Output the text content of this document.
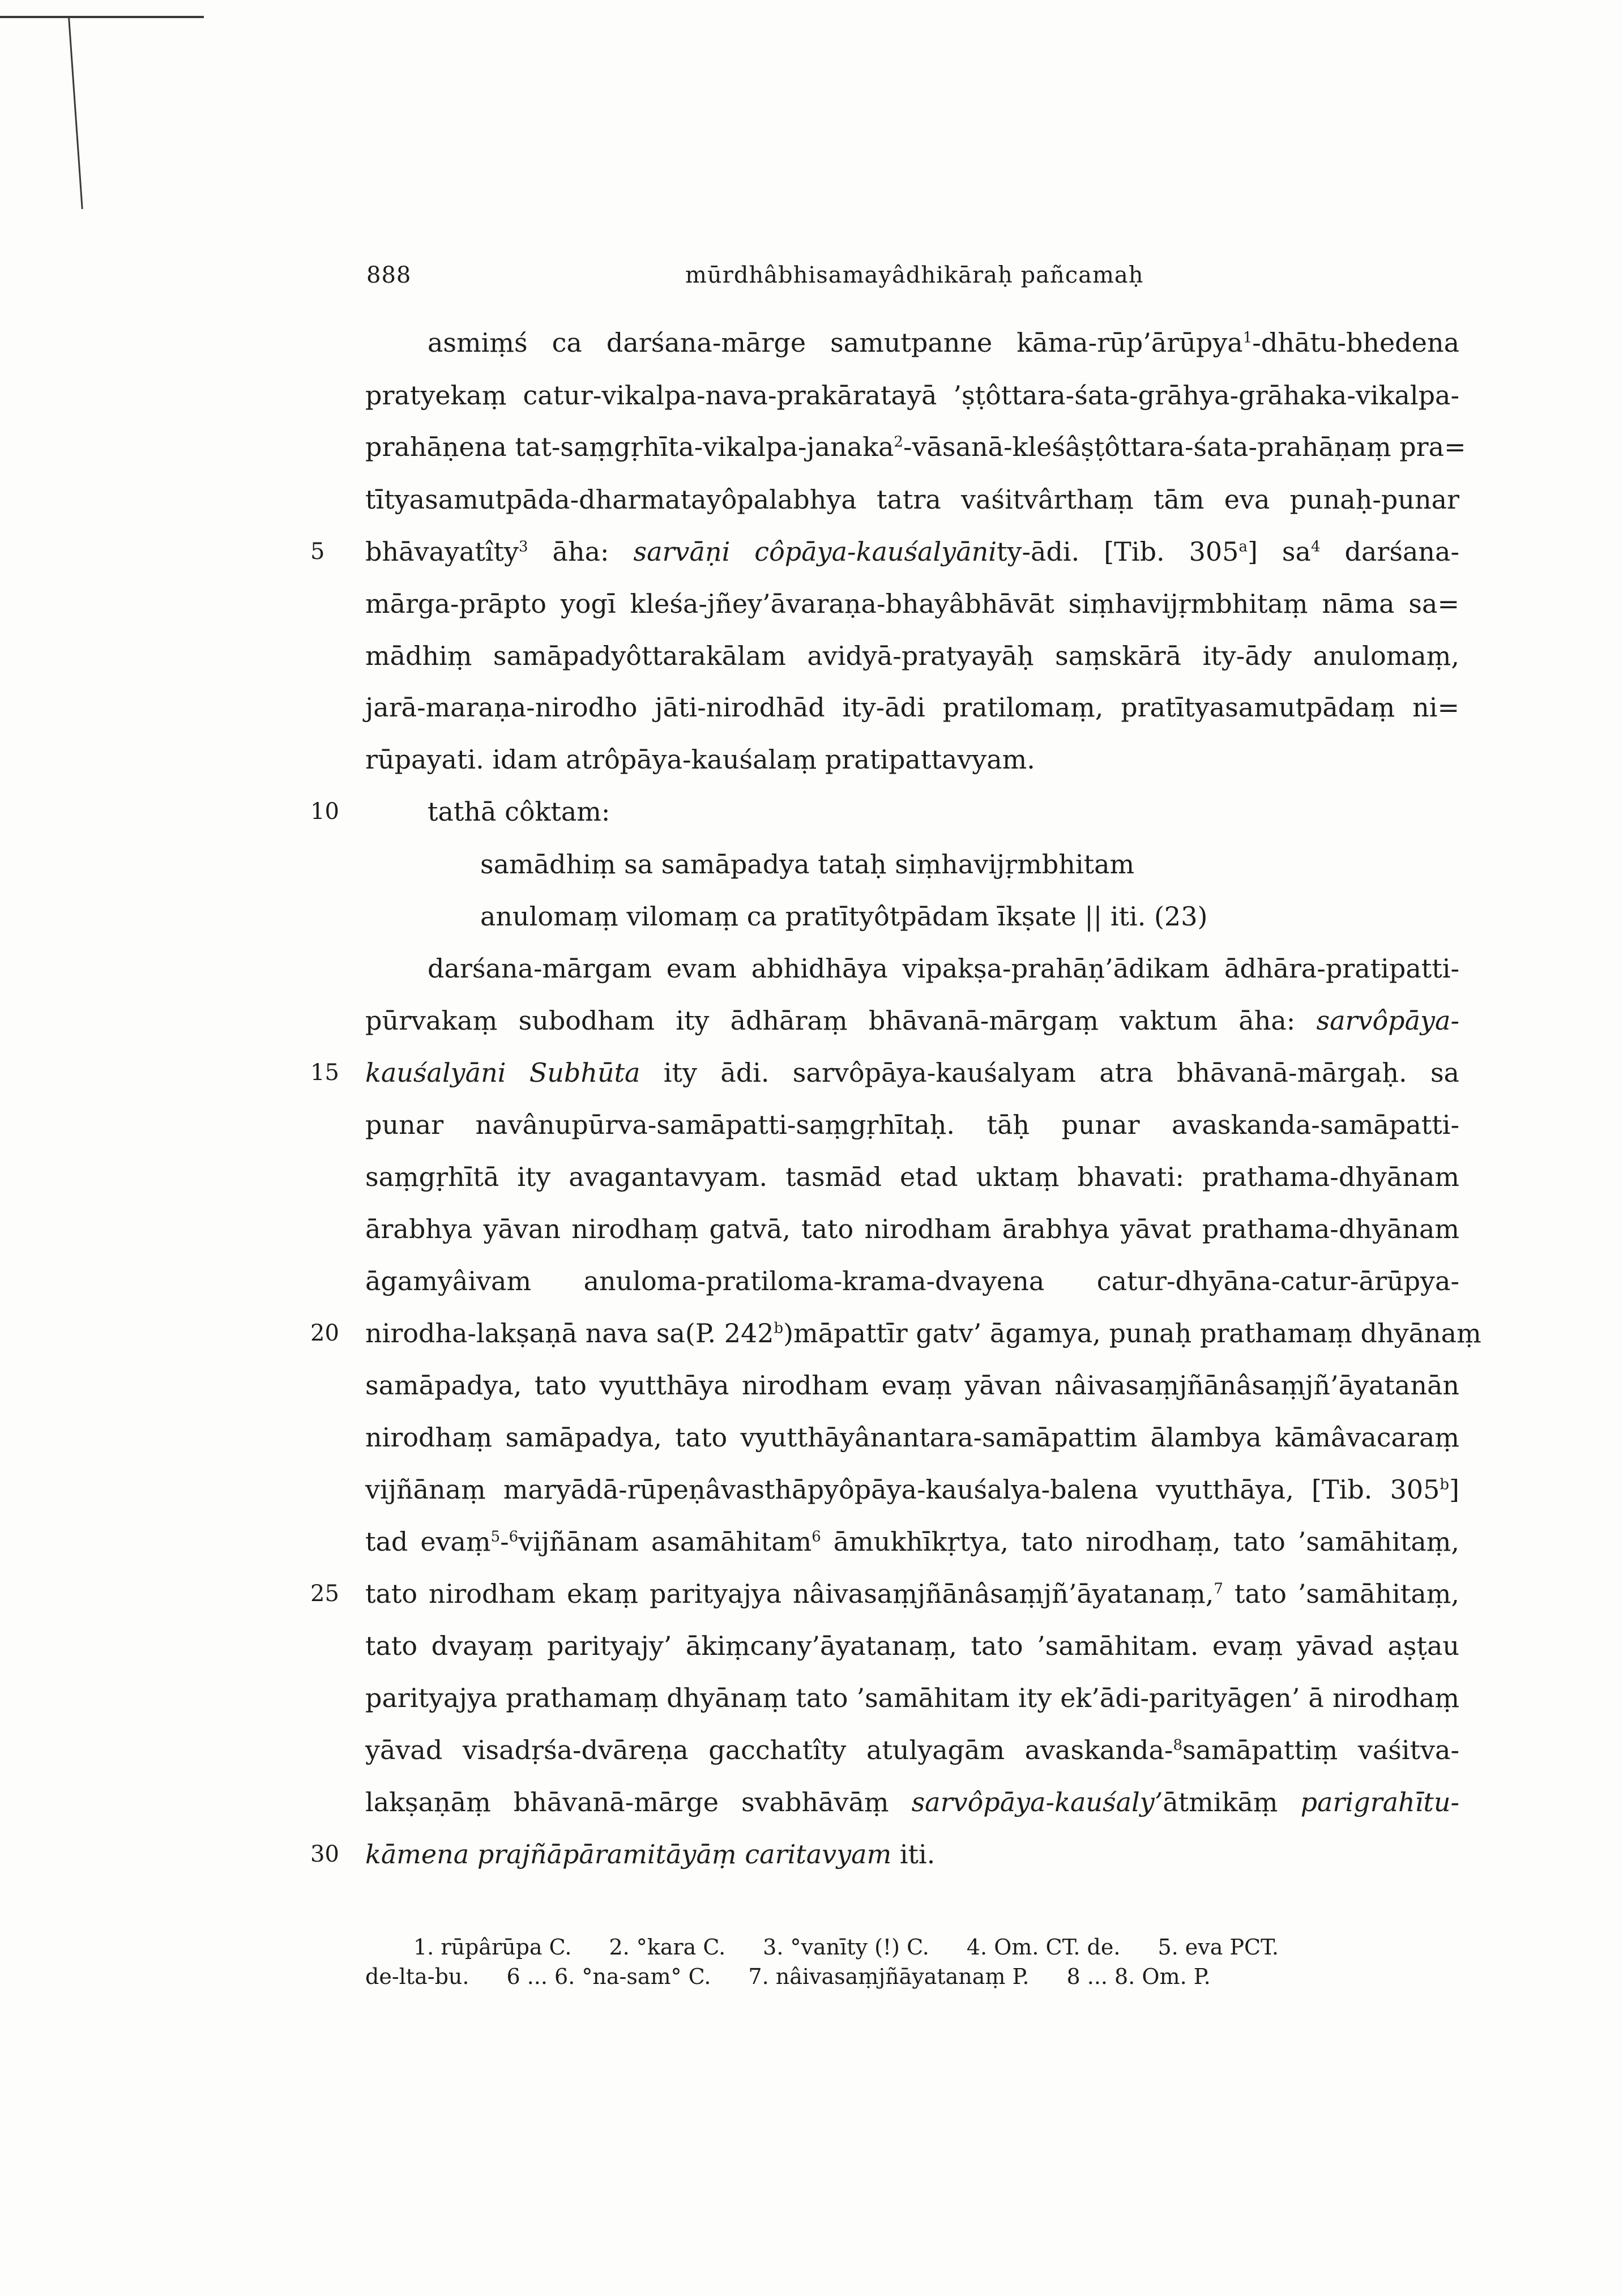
888	mūrdhâbhisamayâdhikāraḥ pañcamaḥ
asmiṃś ca darśana-mārge samutpanne kāma-rūp’ārūpya$^1$-dhātu-bhedena
pratyekaṃ catur-vikalpa-nava-prakāratayā ’ṣṭôttara-śata-grāhya-grāhaka-vikalpa-
prahāṇena tat-saṃgṛhīta-vikalpa-janaka$^2$-vāsanā-kleśâṣṭôttara-śata-prahāṇaṃ pra=
tītyasamutpāda-dharmatayôpalabhya tatra vaśitvârthaṃ tām eva punaḥ-punar
bhāvayatîty$^3$ āha: sarvāṇi côpāya-kauśalyānity-ādi. [Tib. 305$^a$] $sa^4$ darśana-
mārga-prāpto yogī kleśa-jñey’āvaraṇa-bhayâbhāvāt siṃhavijṛmbhitaṃ nāma sa=
mādhiṃ samāpadyôttarakālam avidyā-pratyayāḥ saṃskārā ity-ādy anulomaṃ,
jarā-maraṇa-nirodho jāti-nirodhād ity-ādi pratilomaṃ, pratītyasamutpādaṃ ni=
rūpayati. idam atrôpāya-kauśalaṃ pratipattavyam.
tathā côktam:
samādhiṃ sa samāpadya tataḥ siṃhavijṛmbhitam
anulomaṃ vilomaṃ ca pratītyôtpādam īkṣate || iti. (23)
darśana-mārgam evam abhidhāya vipakṣa-prahāṇ’ādikam ādhāra-pratipatti-
pūrvakaṃ subodham ity ādhāraṃ bhāvanā-mārgaṃ vaktum āha: sarvôpāya-
kauśalyāni Subhūta ity ādi. sarvôpāya-kauśalyam atra bhāvanā-mārgaḥ. sa
punar navânupūrva-samāpatti-saṃgṛhītaḥ. tāḥ punar avaskanda-samāpatti-
saṃgṛhītā ity avagantavyam. tasmād etad uktaṃ bhavati: prathama-dhyānam
ārabhya yāvan nirodhaṃ gatvā, tato nirodham ārabhya yāvat prathama-dhyānam
āgamyâivam anuloma-pratiloma-krama-dvayena catur-dhyāna-catur-ārūpya-
nirodha-lakṣaṇā nava sa(P. 242$^b$)māpattīr gatv’ āgamya, punaḥ prathamaṃ dhyānaṃ
samāpadya, tato vyutthāya nirodham evaṃ yāvan nâivasaṃjñānâsaṃjñ’āyatanān
nirodhaṃ samāpadya, tato vyutthāyânantara-samāpattim ālambya kāmâvacaraṃ
vijñānaṃ maryādā-rūpeṇâvasthāpyôpāya-kauśalya-balena vyutthāya, [Tib. 305$^b$]
tad evaṃ$^5$-$^6$vijñānam asamāhitam$^6$ āmukhīkṛtya, tato nirodhaṃ, tato ’samāhitaṃ,
tato nirodham ekaṃ parityajya nâivasaṃjñānâsaṃjñ’āyatanaṃ,$^7$ tato ’samāhitaṃ,
tato dvayaṃ parityajy’ ākiṃcany’āyatanaṃ, tato ’samāhitam. evaṃ yāvad aṣṭau
parityajya prathamaṃ dhyānaṃ tato ’samāhitam ity ek’ādi-parityāgen’ ā nirodhaṃ
yāvad visadṛśa-dvāreṇa gacchatîty atulyagām avaskanda-$^8$samāpattiṃ vaśitva-
lakṣaṇāṃ bhāvanā-mārge svabhāvāṃ sarvôpāya-kauśaly’ātmikāṃ parigrahītu-
kāmena prajñāpāramitāyāṃ caritavyam iti.
5
10
15
20
25
30
1. rūpârūpa C. 2. °kara C. 3. °vanīty (!) C. 4. Om. CT. de. 5. eva PCT.
de-lta-bu. 6 ... 6. °na-sam° C. 7. nâivasaṃjñāyatanaṃ P. 8 ... 8. Om. P.
